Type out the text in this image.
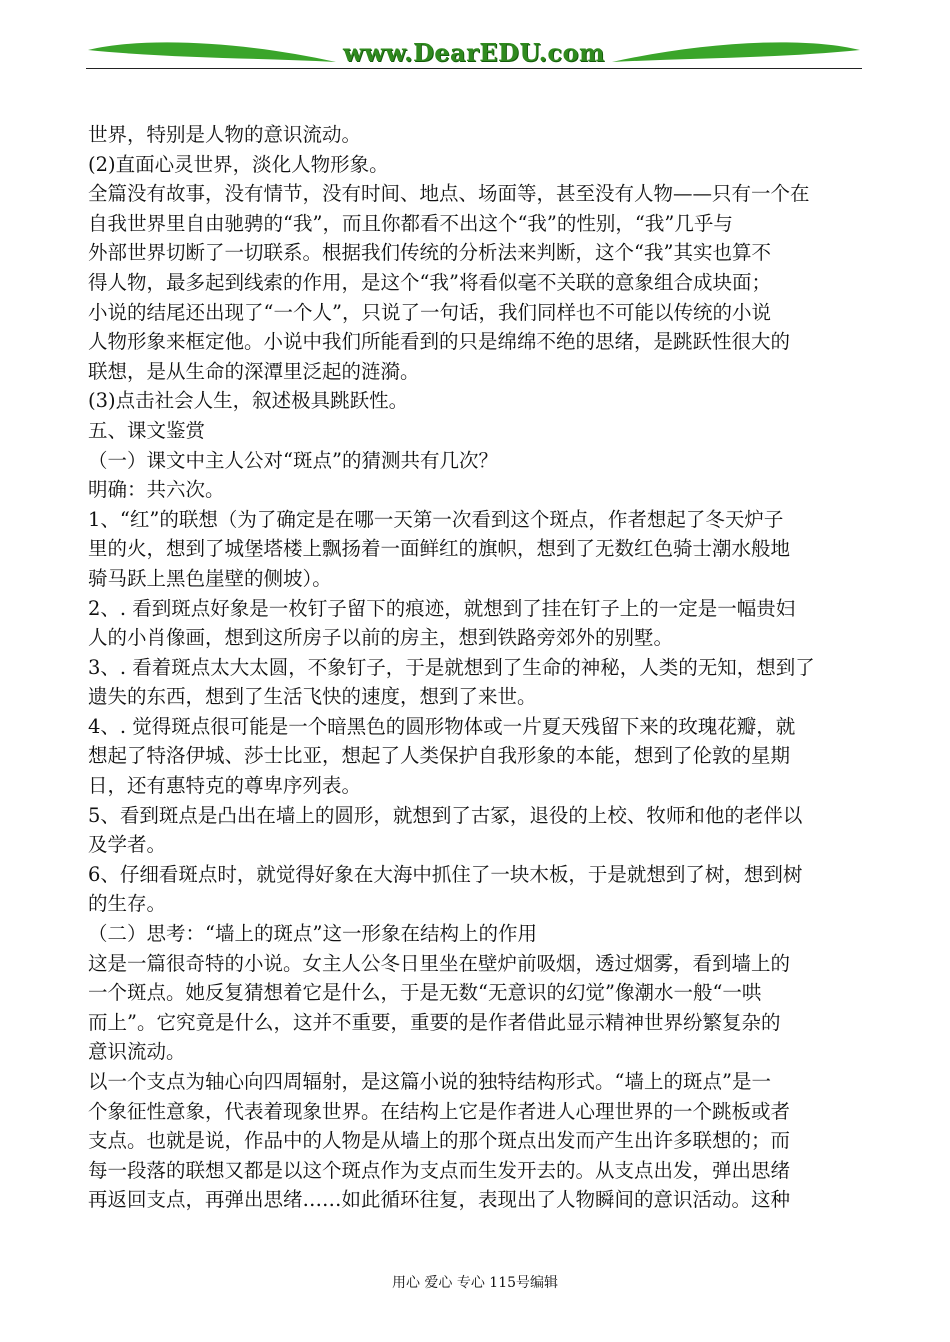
www.DearEDU.com

世界，特别是人物的意识流动。

(2)直面心灵世界，淡化人物形象。

全篇没有故事，没有情节，没有时间、地点、场面等，甚至没有人物——只有一个在

自我世界里自由驰骋的“我”，而且你都看不出这个“我”的性别，“我”几乎与

外部世界切断了一切联系。根据我们传统的分析法来判断，这个“我”其实也算不

得人物，最多起到线索的作用，是这个“我”将看似毫不关联的意象组合成块面；

小说的结尾还出现了“一个人”，只说了一句话，我们同样也不可能以传统的小说

人物形象来框定他。小说中我们所能看到的只是绵绵不绝的思绪，是跳跃性很大的

联想，是从生命的深潭里泛起的涟漪。

(3)点击社会人生，叙述极具跳跃性。

五、课文鉴赏

（一）课文中主人公对“斑点”的猜测共有几次？

明确：共六次。

1、“红”的联想（为了确定是在哪一天第一次看到这个斑点，作者想起了冬天炉子

里的火，想到了城堡塔楼上飘扬着一面鲜红的旗帜，想到了无数红色骑士潮水般地

骑马跃上黑色崖壁的侧坡）。

2、. 看到斑点好象是一枚钉子留下的痕迹，就想到了挂在钉子上的一定是一幅贵妇

人的小肖像画，想到这所房子以前的房主，想到铁路旁郊外的别墅。

3、. 看着斑点太大太圆，不象钉子，于是就想到了生命的神秘，人类的无知，想到了

遗失的东西，想到了生活飞快的速度，想到了来世。

4、. 觉得斑点很可能是一个暗黑色的圆形物体或一片夏天残留下来的玫瑰花瓣，就

想起了特洛伊城、莎士比亚，想起了人类保护自我形象的本能，想到了伦敦的星期

日，还有惠特克的尊卑序列表。

5、看到斑点是凸出在墙上的圆形，就想到了古冢，退役的上校、牧师和他的老伴以

及学者。

6、仔细看斑点时，就觉得好象在大海中抓住了一块木板，于是就想到了树，想到树

的生存。

（二）思考：“墙上的斑点”这一形象在结构上的作用

这是一篇很奇特的小说。女主人公冬日里坐在壁炉前吸烟，透过烟雾，看到墙上的

一个斑点。她反复猜想着它是什么，于是无数“无意识的幻觉”像潮水一般“一哄

而上”。它究竟是什么，这并不重要，重要的是作者借此显示精神世界纷繁复杂的

意识流动。

以一个支点为轴心向四周辐射，是这篇小说的独特结构形式。“墙上的斑点”是一

个象征性意象，代表着现象世界。在结构上它是作者进人心理世界的一个跳板或者

支点。也就是说，作品中的人物是从墙上的那个斑点出发而产生出许多联想的；而

每一段落的联想又都是以这个斑点作为支点而生发开去的。从支点出发，弹出思绪

再返回支点，再弹出思绪……如此循环往复，表现出了人物瞬间的意识活动。这种

用心 爱心 专心 115号编辑
